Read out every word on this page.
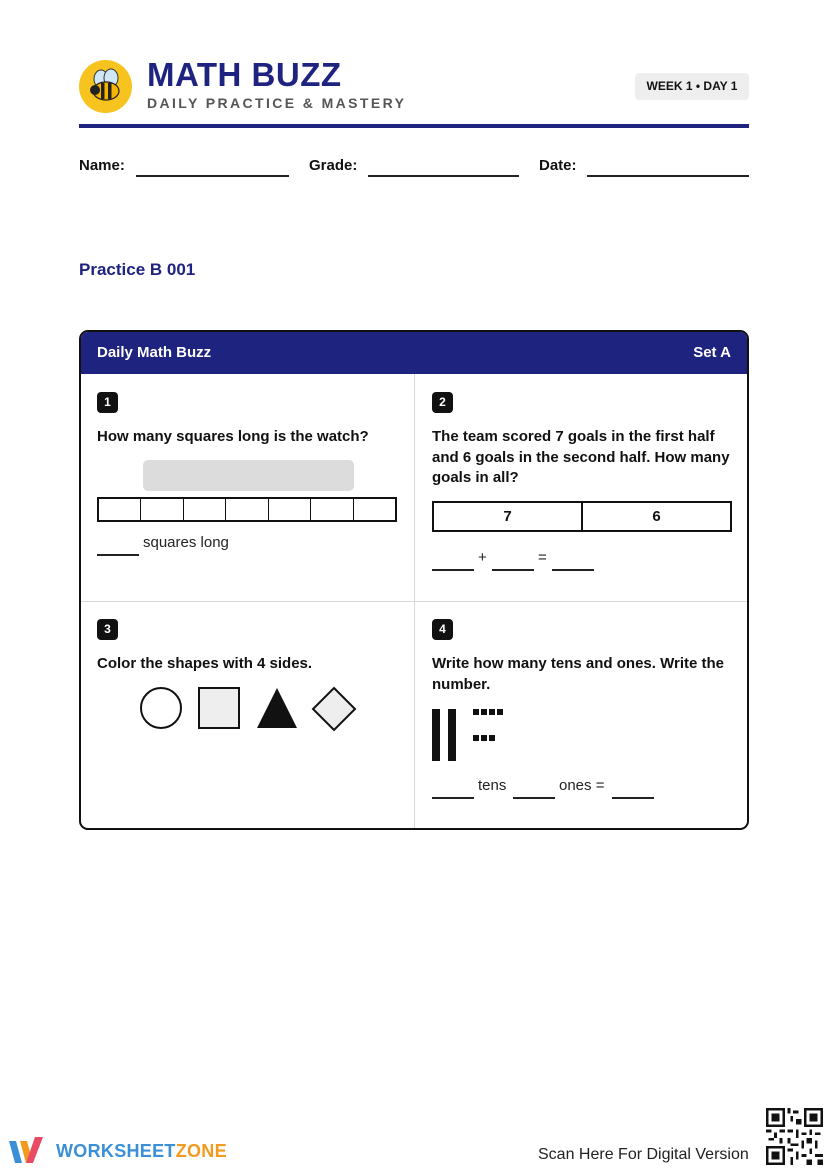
MATH BUZZ
DAILY PRACTICE & MASTERY
WEEK 1 • DAY 1
Name:	Grade:	Date:
Practice B 001
Daily Math Buzz	Set A
1
How many squares long is the watch?
squares long
2
The team scored 7 goals in the first half and 6 goals in the second half. How many goals in all?
7	6
+	=
3
Color the shapes with 4 sides.
4
Write how many tens and ones. Write the number.
tens	ones =
WORKSHEETZONE	Scan Here For Digital Version
